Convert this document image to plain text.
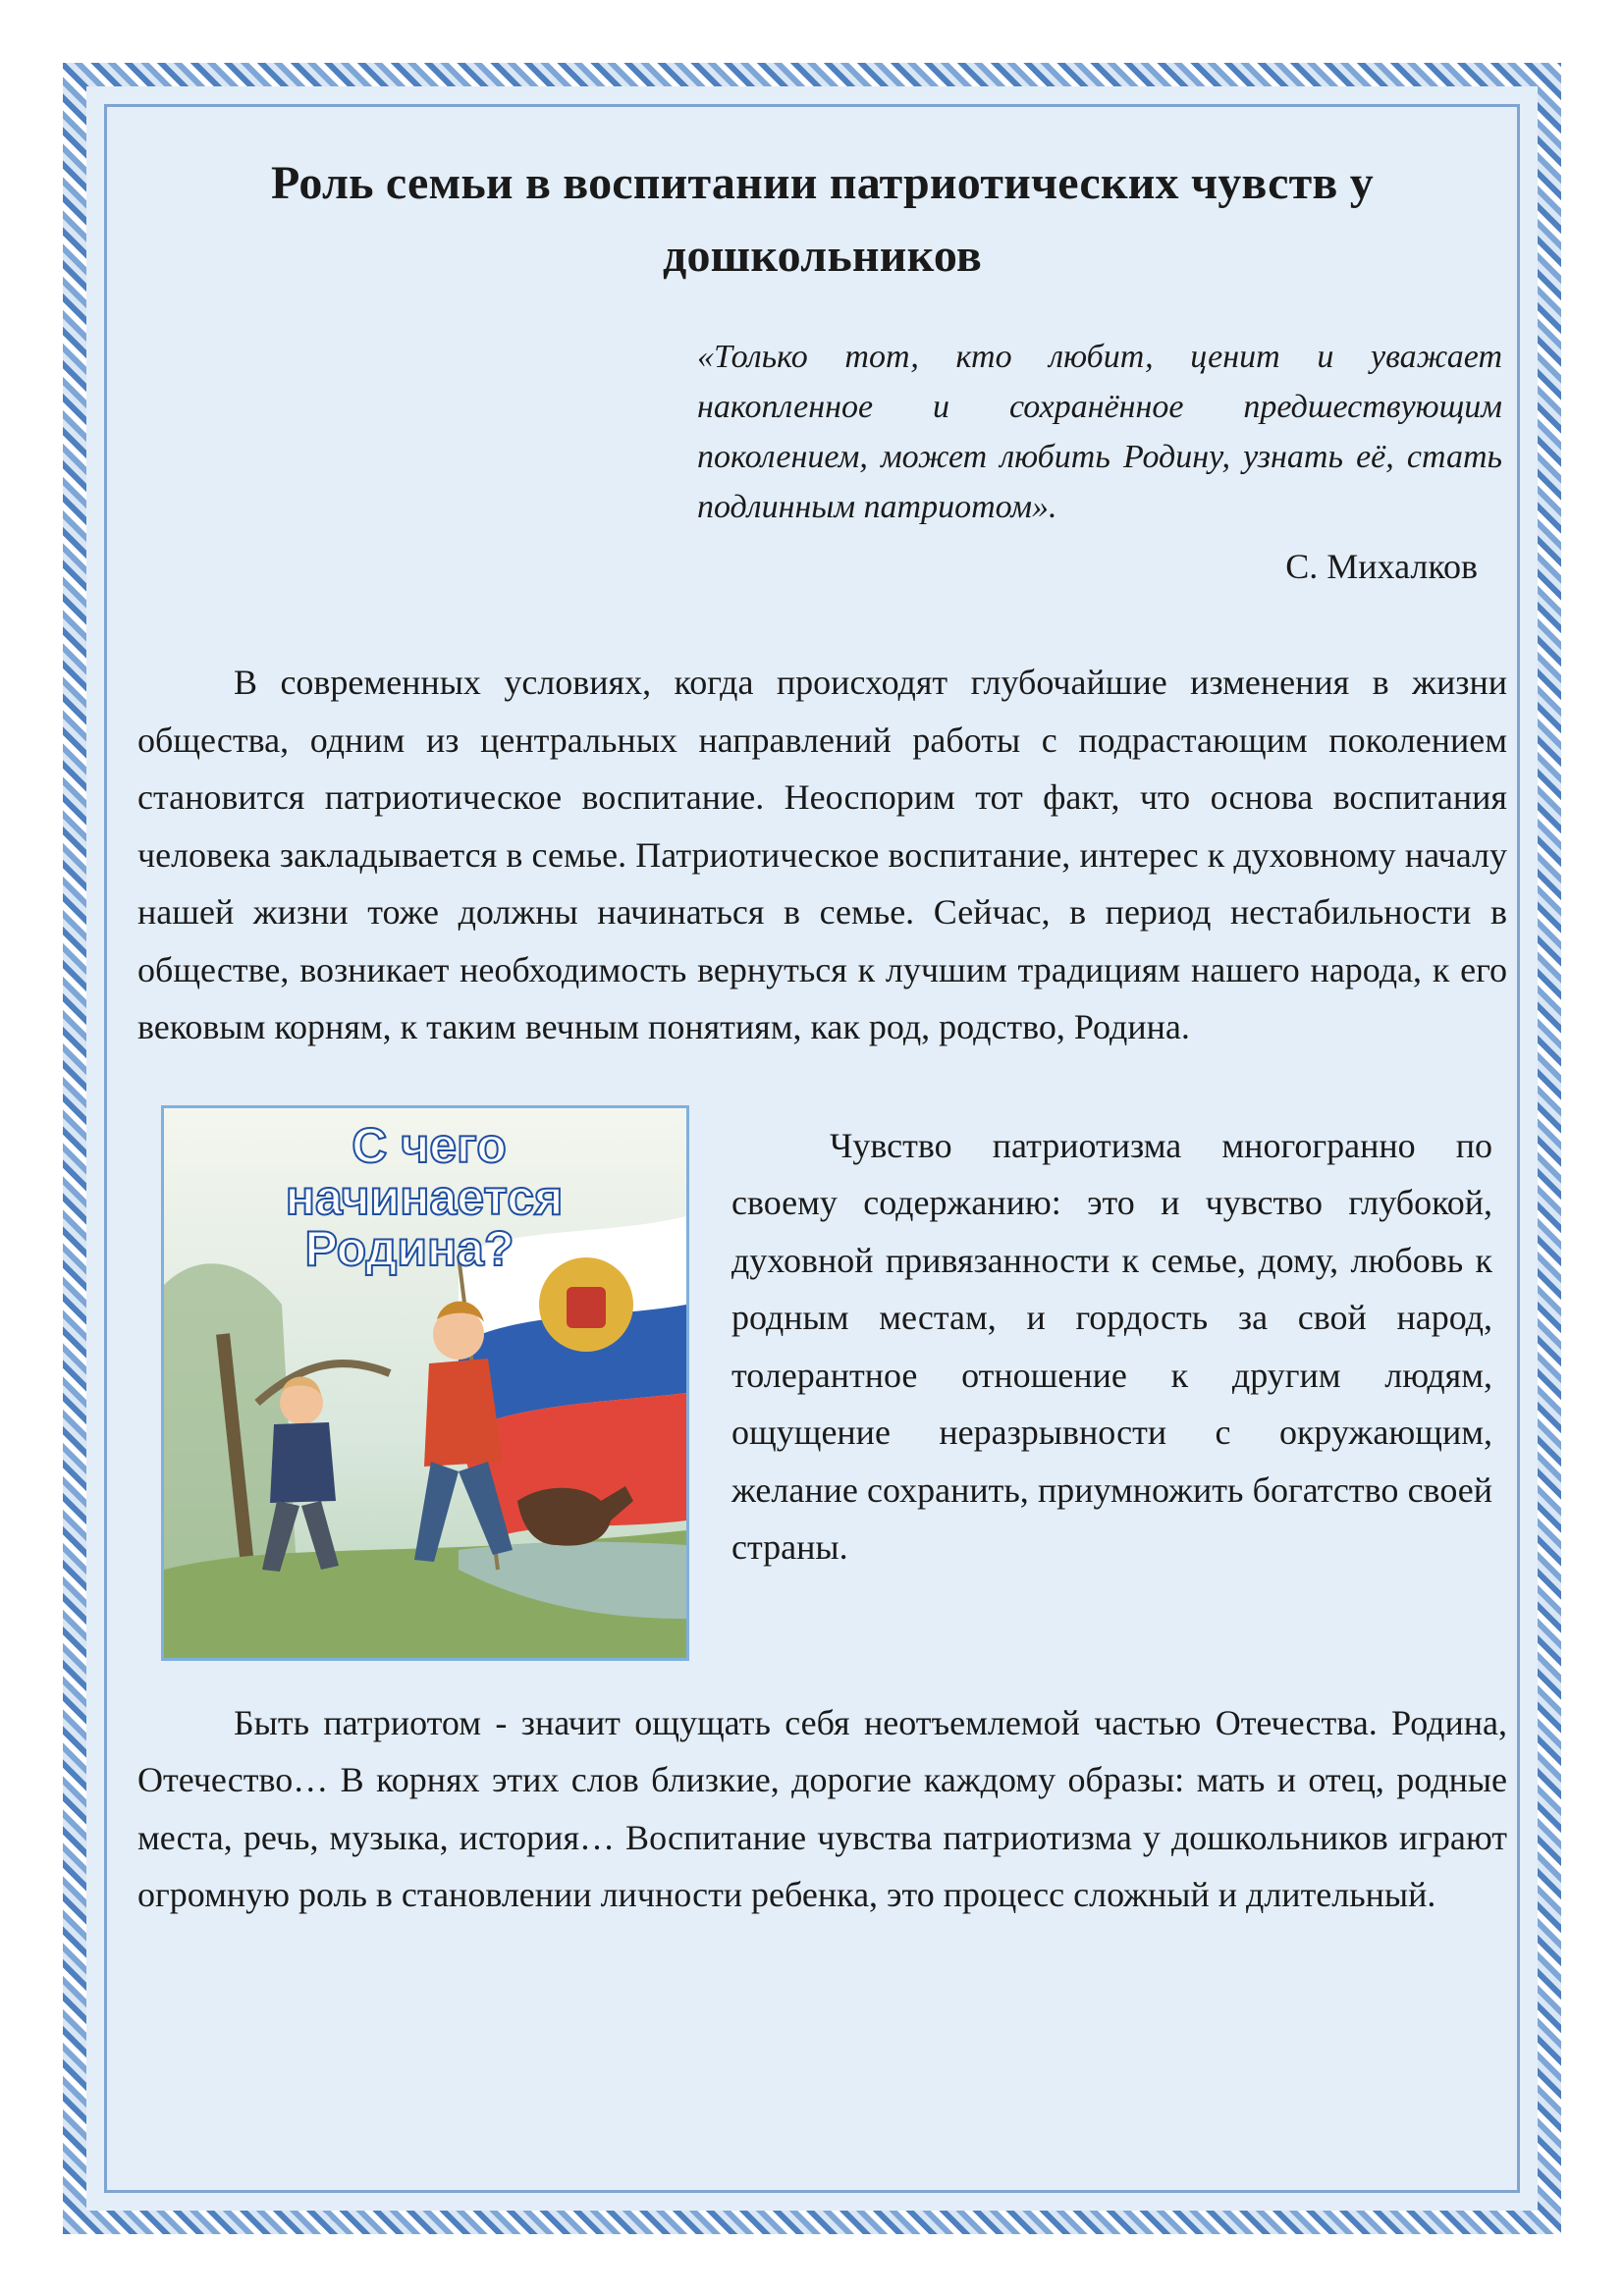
Роль семьи в воспитании патриотических чувств у дошкольников
«Только тот, кто любит, ценит и уважает накопленное и сохранённое предшествующим поколением, может любить Родину, узнать её, стать подлинным патриотом».
С. Михалков

В современных условиях, когда происходят глубочайшие изменения в жизни общества, одним из центральных направлений работы с подрастающим поколением становится патриотическое воспитание. Неоспорим тот факт, что основа воспитания человека закладывается в семье. Патриотическое воспитание, интерес к духовному началу нашей жизни тоже должны начинаться в семье. Сейчас, в период нестабильности в обществе, возникает необходимость вернуться к лучшим традициям нашего народа, к его вековым корням, к таким вечным понятиям, как род, родство, Родина.

С чего
начинается
Родина?
Чувство патриотизма многогранно по своему содержанию: это и чувство глубокой, духовной привязанности к семье, дому, любовь к родным местам, и гордость за свой народ, толерантное отношение к другим людям, ощущение неразрывности с окружающим, желание сохранить, приумножить богатство своей страны.

Быть патриотом - значит ощущать себя неотъемлемой частью Отечества. Родина, Отечество… В корнях этих слов близкие, дорогие каждому образы: мать и отец, родные места, речь, музыка, история… Воспитание чувства патриотизма у дошкольников играют огромную роль в становлении личности ребенка, это процесс сложный и длительный.
